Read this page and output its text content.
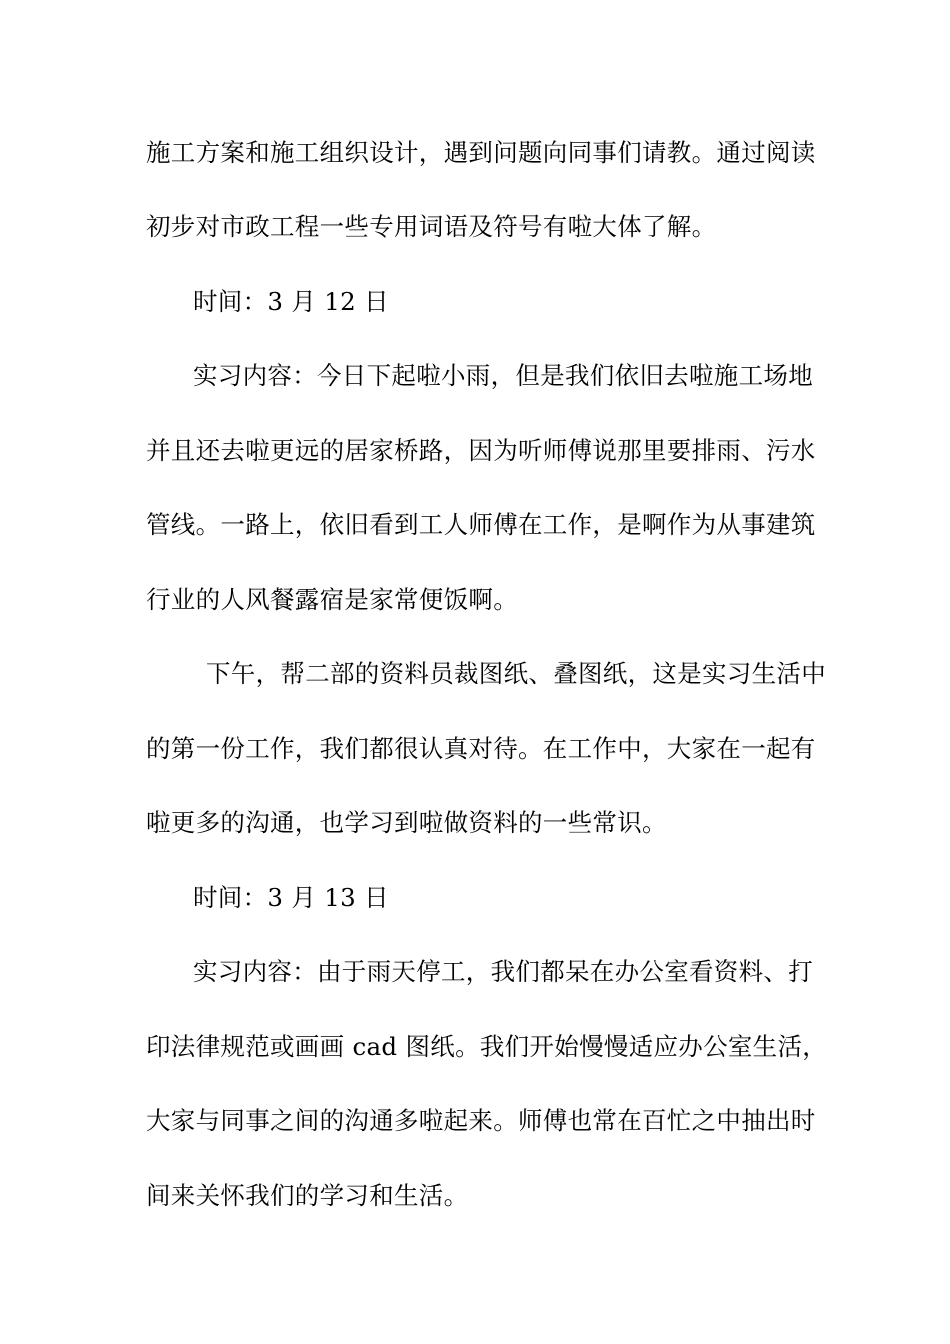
施工方案和施工组织设计，遇到问题向同事们请教。通过阅读
初步对市政工程一些专用词语及符号有啦大体了解。
时间：3 月 12 日
实习内容：今日下起啦小雨，但是我们依旧去啦施工场地
并且还去啦更远的居家桥路，因为听师傅说那里要排雨、污水
管线。一路上，依旧看到工人师傅在工作，是啊作为从事建筑
行业的人风餐露宿是家常便饭啊。
下午，帮二部的资料员裁图纸、叠图纸，这是实习生活中
的第一份工作，我们都很认真对待。在工作中，大家在一起有
啦更多的沟通，也学习到啦做资料的一些常识。
时间：3 月 13 日
实习内容：由于雨天停工，我们都呆在办公室看资料、打
印法律规范或画画 cad 图纸。我们开始慢慢适应办公室生活，
大家与同事之间的沟通多啦起来。师傅也常在百忙之中抽出时
间来关怀我们的学习和生活。
